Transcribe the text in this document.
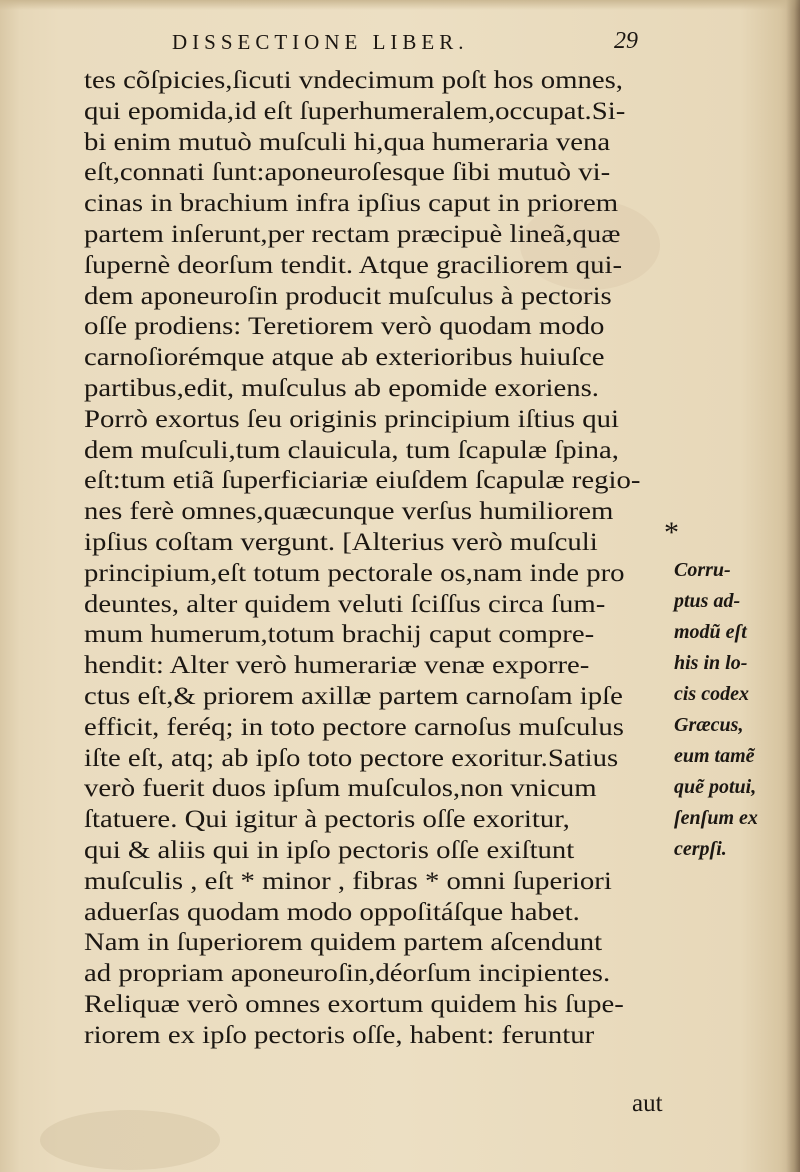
DISSECTIONE LIBER.	29
tes cõſpicies,ſicuti vndecimum poſt hos omnes,
qui epomida,id eſt ſuperhumeralem,occupat.Si-
bi enim mutuò muſculi hi,qua humeraria vena
eſt,connati ſunt:aponeuroſesque ſibi mutuò vi-
cinas in brachium infra ipſius caput in priorem
partem inſerunt,per rectam præcipuè lineã,quæ
ſupernè deorſum tendit. Atque graciliorem qui-
dem aponeuroſin producit muſculus à pectoris
oſſe prodiens: Teretiorem verò quodam modo
carnoſiorémque atque ab exterioribus huiuſce
partibus,edit, muſculus ab epomide exoriens.
Porrò exortus ſeu originis principium iſtius qui
dem muſculi,tum clauicula, tum ſcapulæ ſpina,
eſt:tum etiã ſuperficiariæ eiuſdem ſcapulæ regio-
nes ferè omnes,quæcunque verſus humiliorem
ipſius coſtam vergunt. [Alterius verò muſculi
principium,eſt totum pectorale os,nam inde pro
deuntes, alter quidem veluti ſciſſus circa ſum-
mum humerum,totum brachij caput compre-
hendit: Alter verò humerariæ venæ exporre-
ctus eſt,& priorem axillæ partem carnoſam ipſe
efficit, feréq; in toto pectore carnoſus muſculus
iſte eſt, atq; ab ipſo toto pectore exoritur.Satius
verò fuerit duos ipſum muſculos,non vnicum
ſtatuere. Qui igitur à pectoris oſſe exoritur,
qui & aliis qui in ipſo pectoris oſſe exiſtunt
muſculis , eſt * minor , fibras * omni ſuperiori
aduerſas quodam modo oppoſitáſque habet.
Nam in ſuperiorem quidem partem aſcendunt
ad propriam aponeuroſin,déorſum incipientes.
Reliquæ verò omnes exortum quidem his ſupe-
riorem ex ipſo pectoris oſſe, habent: feruntur
*
Corru-
ptus ad-
modũ eſt
his in lo-
cis codex
Græcus,
eum tamẽ
quẽ potui,
ſenſum ex
cerpſi.
aut
